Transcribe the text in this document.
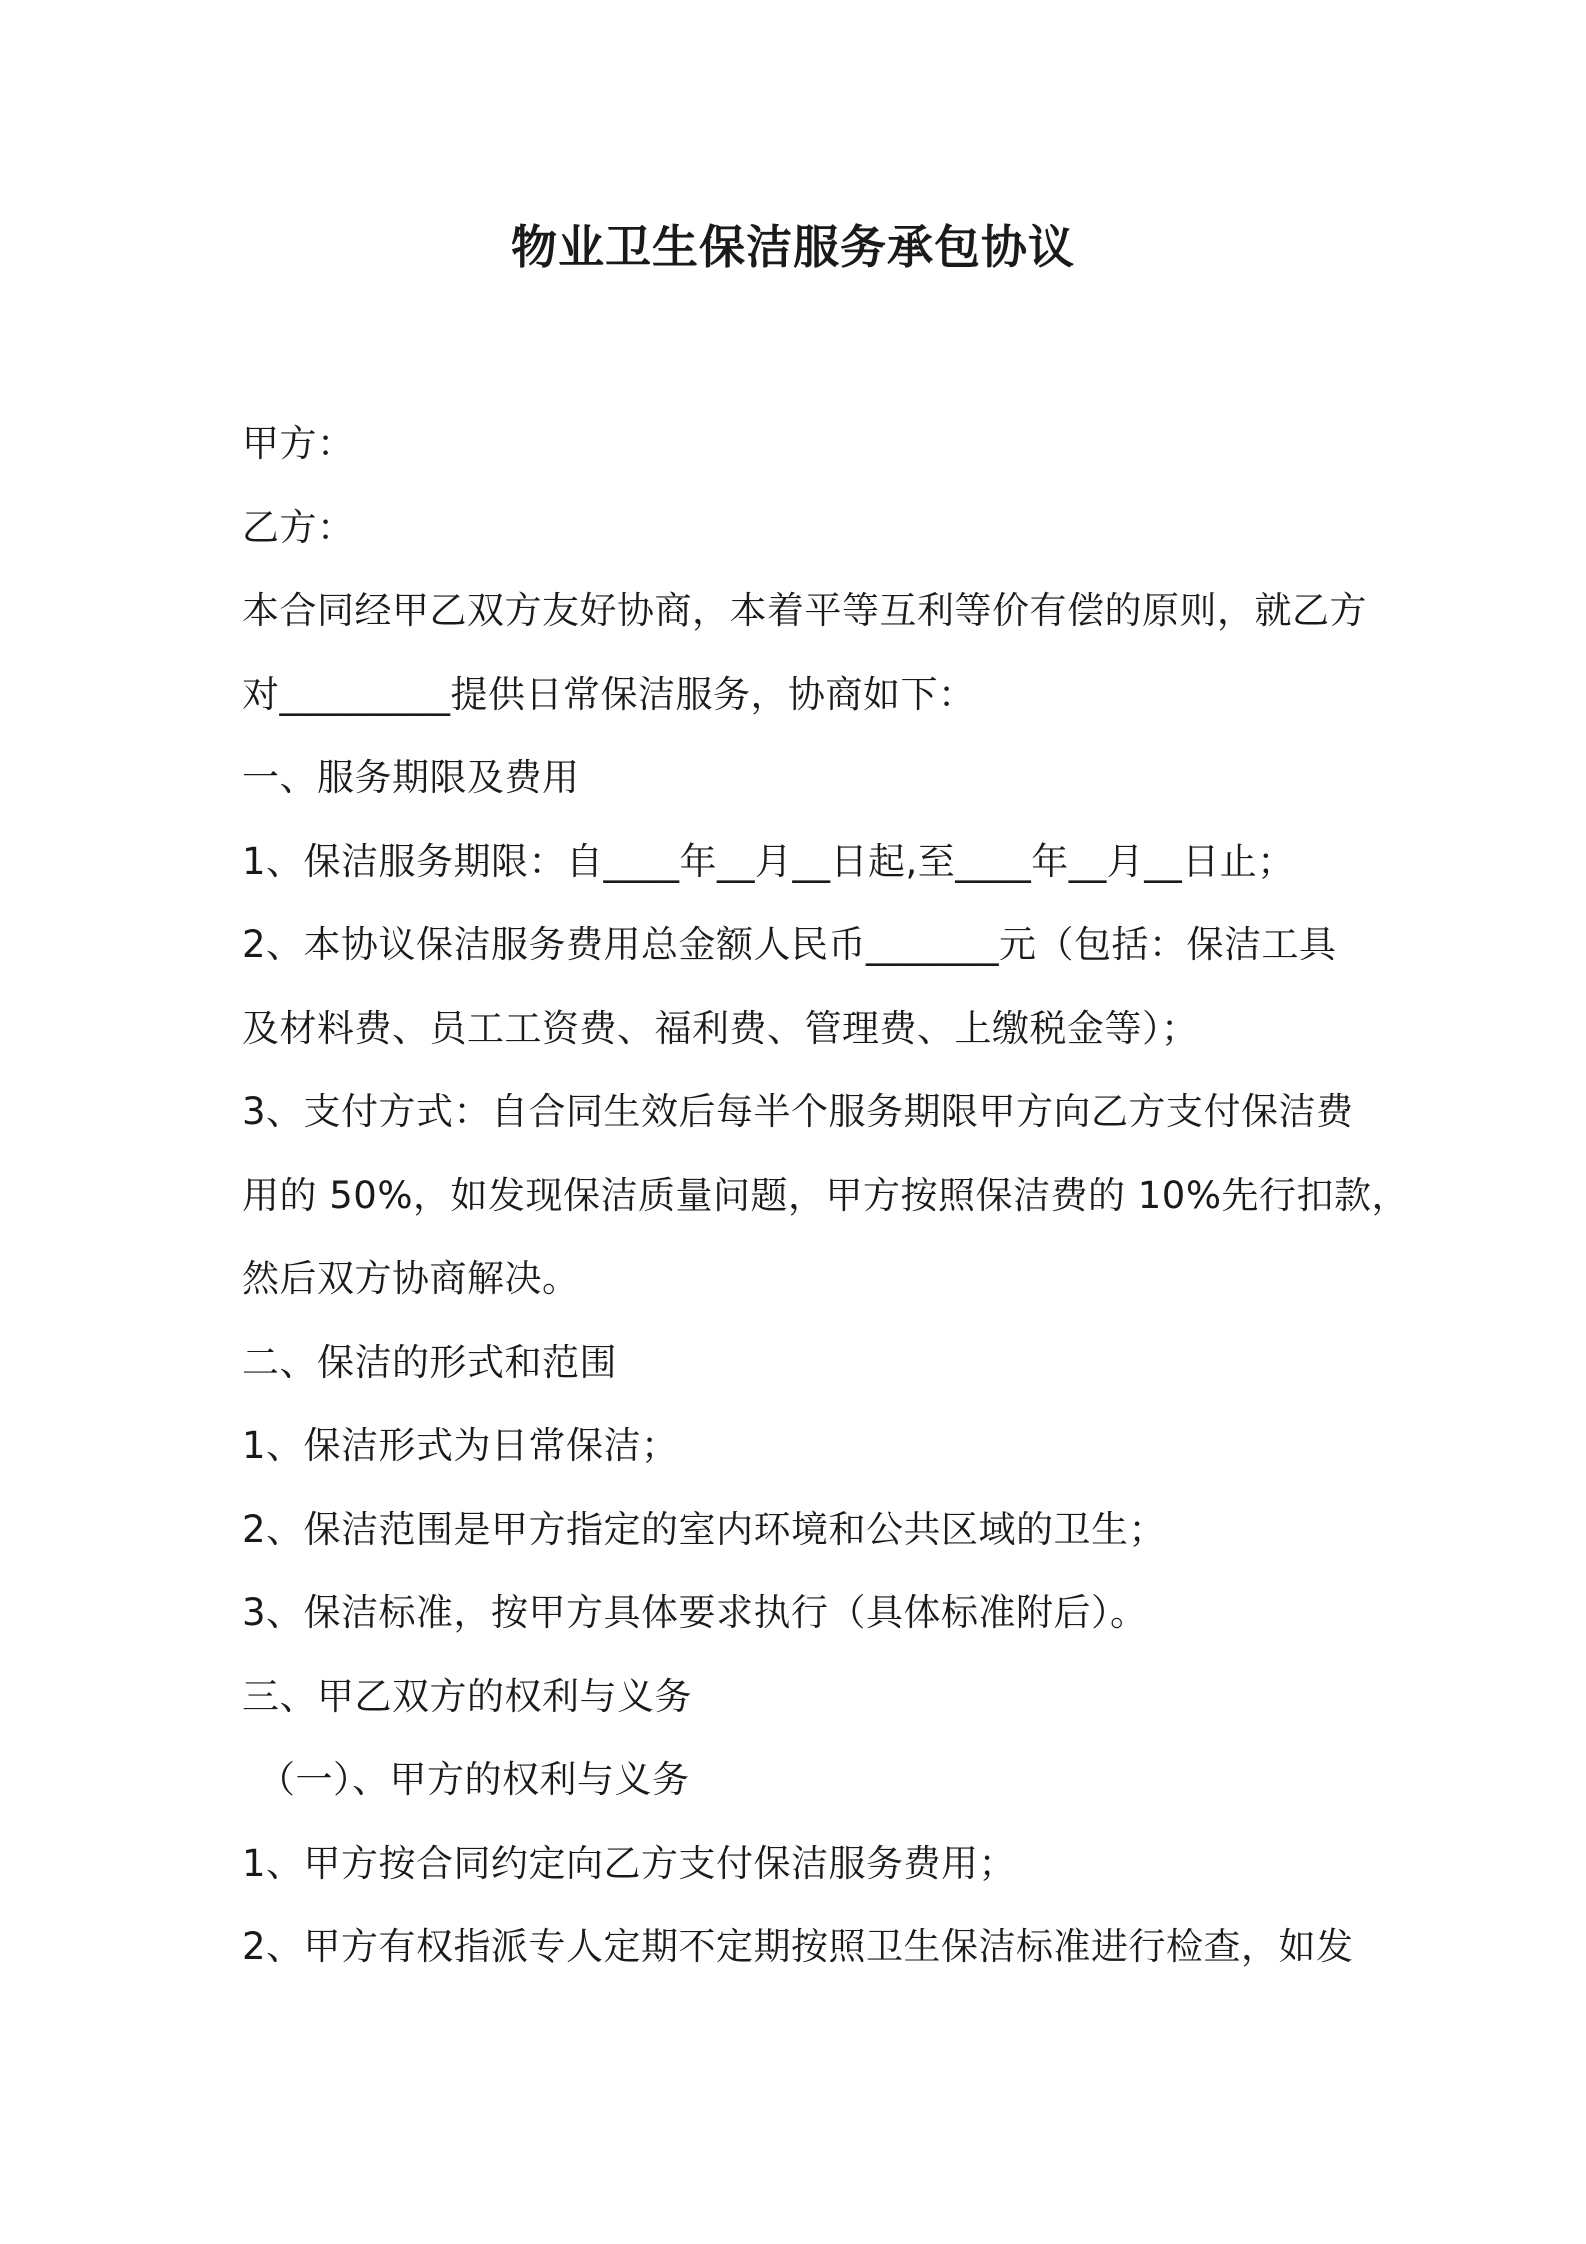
物业卫生保洁服务承包协议

甲方：

乙方：

本合同经甲乙双方友好协商，本着平等互利等价有偿的原则，就乙方

对_________提供日常保洁服务，协商如下：

一、服务期限及费用

1、保洁服务期限：自____年__月__日起,至____年__月__日止；

2、本协议保洁服务费用总金额人民币_______元（包括：保洁工具

及材料费、员工工资费、福利费、管理费、上缴税金等）；

3、支付方式：自合同生效后每半个服务期限甲方向乙方支付保洁费

用的 50%，如发现保洁质量问题，甲方按照保洁费的 10%先行扣款，

然后双方协商解决。

二、保洁的形式和范围

1、保洁形式为日常保洁；

2、保洁范围是甲方指定的室内环境和公共区域的卫生；

3、保洁标准，按甲方具体要求执行（具体标准附后）。

三、甲乙双方的权利与义务

（一）、甲方的权利与义务

1、甲方按合同约定向乙方支付保洁服务费用；

2、甲方有权指派专人定期不定期按照卫生保洁标准进行检查，如发
